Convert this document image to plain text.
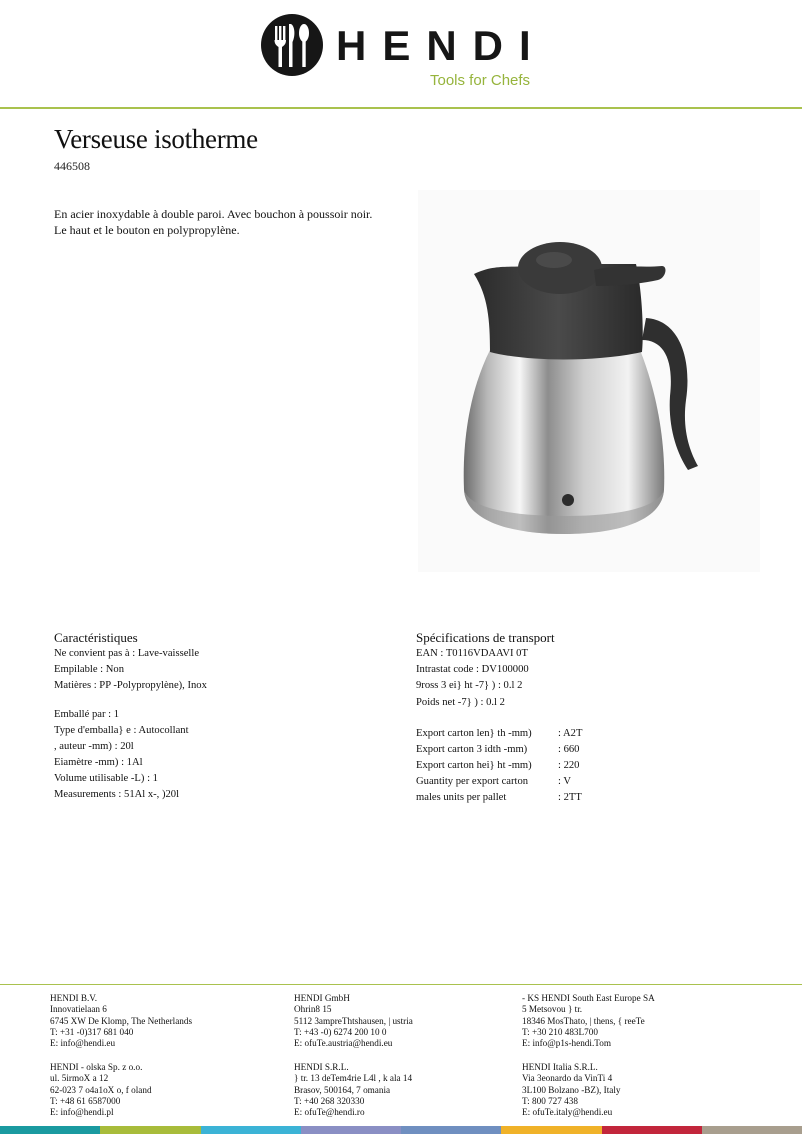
HENDI
Tools for Chefs
Verseuse isotherme
446508
En acier inoxydable à double paroi. Avec bouchon à poussoir noir. Le haut et le bouton en polypropylène.
Caractéristiques
Ne convient pas à : Lave-vaisselle
Empilable : Non
Matières : PP -Polypropylène), Inox
Emballé par : 1
Type d'emballa} e : Autocollant
, auteur -mm) : 20l
Eiamètre -mm) : 1Al
Volume utilisable -L) : 1
Measurements : 51Al x-, )20l
Spécifications de transport
EAN : T0116VDAAVI 0T
Intrastat code : DV100000
9ross 3 ei} ht -7} ) : 0.l 2
Poids net -7} ) : 0.l 2
Export carton len} th -mm) : A2T
Export carton 3 idth -mm)	: 660
Export carton hei} ht -mm) : 220
Guantity per export carton	: V
males units per pallet	: 2TT
HENDI B.V.
Innovatielaan 6
6745 XW De Klomp, The Netherlands
T: +31 -0)317 681 040
E: info@hendi.eu
HENDI - olska Sp. z o.o.
ul. 5irmoX a 12
62-023 7 o4a1oX o, f oland
T: +48 61 6587000
E: info@hendi.pl
HENDI GmbH
Ohrin8 15
5112 3ampreThtshausen, | ustria
T: +43 -0) 6274 200 10 0
E: ofuTe.austria@hendi.eu
HENDI S.R.L.
} tr. 13 deTem4rie L4l , k ala 14
Brasov, 500164, 7 omania
T: +40 268 320330
E: ofuTe@hendi.ro
- KS HENDI South East Europe SA
5 Metsovou } tr.
18346 MosThato, | thens, { reeTe
T: +30 210 483L700
E: info@p1s-hendi.Tom
HENDI Italia S.R.L.
Via 3eonardo da VinTi 4
3L100 Bolzano -BZ), Italy
T: 800 727 438
E: ofuTe.italy@hendi.eu
